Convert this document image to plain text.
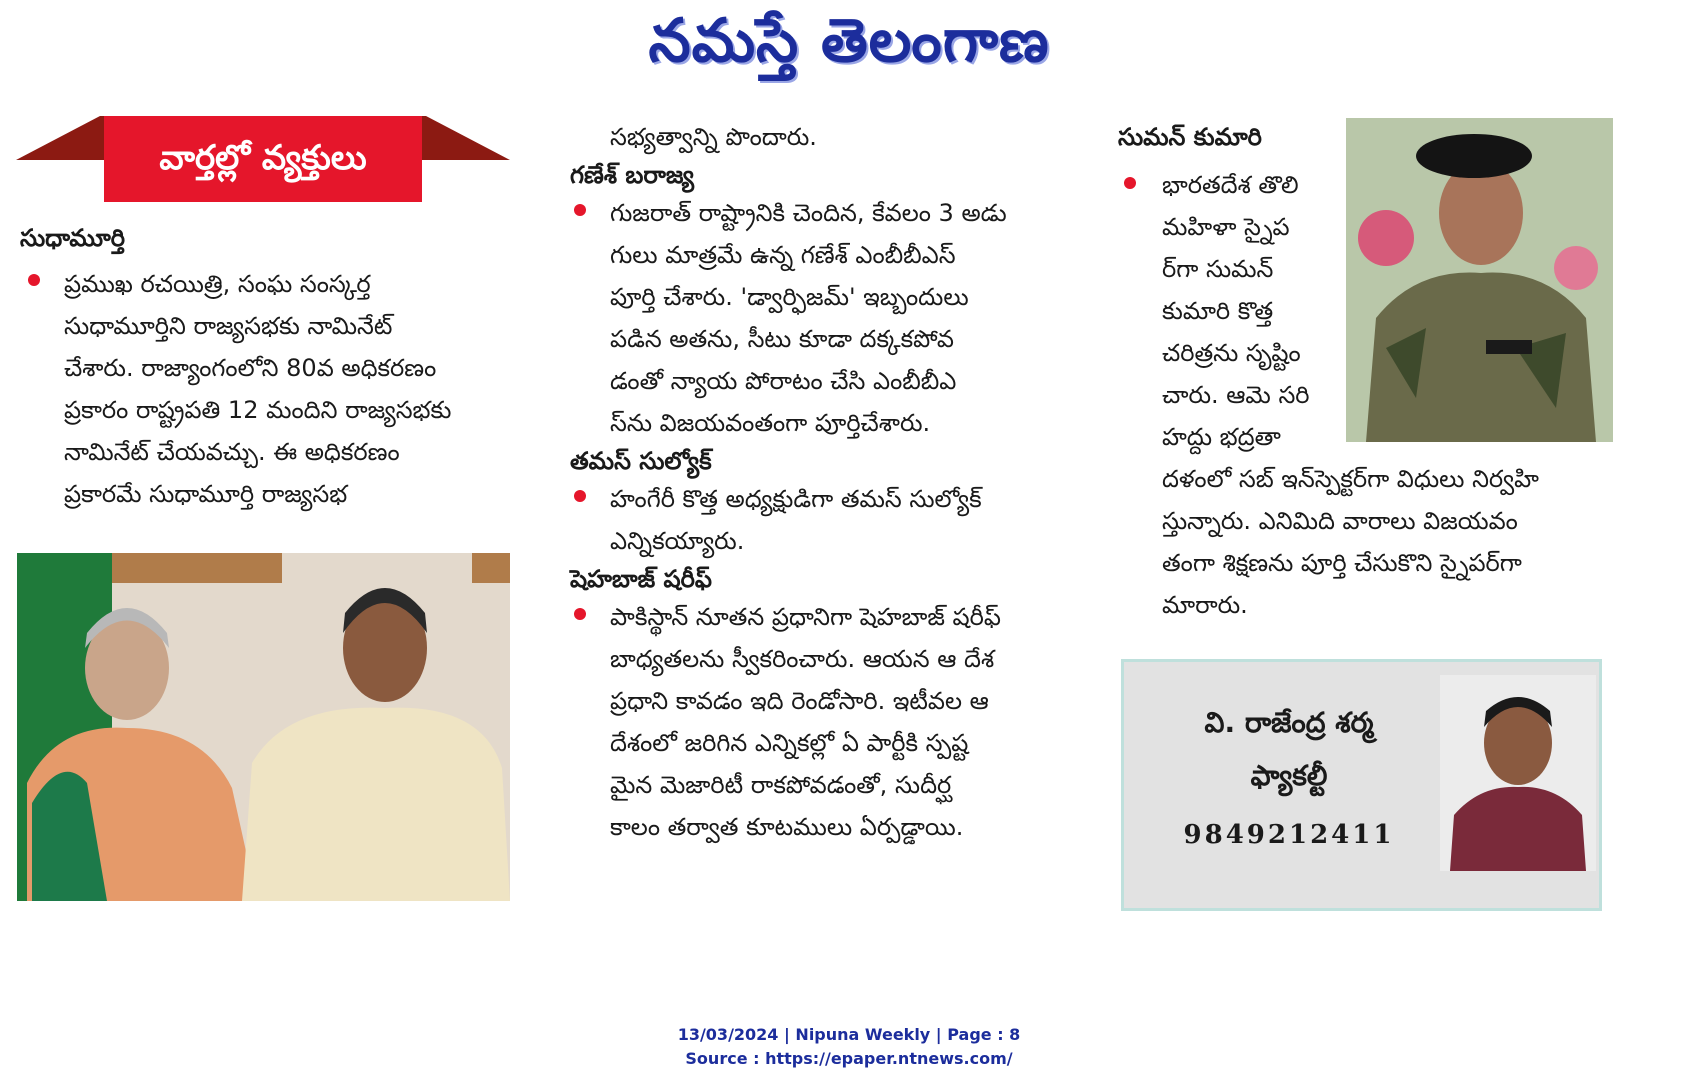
నమస్తే తెలంగాణ
వార్తల్లో వ్యక్తులు
సుధామూర్తి
ప్రముఖ రచయిత్రి, సంఘ సంస్కర్త
సుధామూర్తిని రాజ్యసభకు నామినేట్
చేశారు. రాజ్యాంగంలోని 80వ అధికరణం
ప్రకారం రాష్ట్రపతి 12 మందిని రాజ్యసభకు
నామినేట్ చేయవచ్చు. ఈ అధికరణం
ప్రకారమే సుధామూర్తి రాజ్యసభ
సభ్యత్వాన్ని పొందారు.
గణేశ్ బరాజ్య
గుజరాత్ రాష్ట్రానికి చెందిన, కేవలం 3 అడు
గులు మాత్రమే ఉన్న గణేశ్ ఎంబీబీఎస్
పూర్తి చేశారు. 'డ్వార్ఫిజమ్' ఇబ్బందులు
పడిన అతను, సీటు కూడా దక్కకపోవ
డంతో న్యాయ పోరాటం చేసి ఎంబీబీఎ
స్‌ను విజయవంతంగా పూర్తిచేశారు.
తమస్ సుల్యోక్
హంగేరీ కొత్త అధ్యక్షుడిగా తమస్ సుల్యోక్
ఎన్నికయ్యారు.
షెహబాజ్ షరీఫ్
పాకిస్థాన్ నూతన ప్రధానిగా షెహబాజ్ షరీఫ్
బాధ్యతలను స్వీకరించారు. ఆయన ఆ దేశ
ప్రధాని కావడం ఇది రెండోసారి. ఇటీవల ఆ
దేశంలో జరిగిన ఎన్నికల్లో ఏ పార్టీకి స్పష్ట
మైన మెజారిటీ రాకపోవడంతో, సుదీర్ఘ
కాలం తర్వాత కూటములు ఏర్పడ్డాయి.
సుమన్ కుమారి
భారతదేశ తొలి
మహిళా స్నైప
ర్‌గా సుమన్
కుమారి కొత్త
చరిత్రను సృష్టిం
చారు. ఆమె సరి
హద్దు భద్రతా
దళంలో సబ్ ఇన్‌స్పెక్టర్‌గా విధులు నిర్వహి
స్తున్నారు. ఎనిమిది వారాలు విజయవం
తంగా శిక్షణను పూర్తి చేసుకొని స్నైపర్‌గా
మారారు.
వి. రాజేంద్ర శర్మ
ఫ్యాకల్టీ
9849212411
13/03/2024 | Nipuna Weekly | Page : 8
Source : https://epaper.ntnews.com/
